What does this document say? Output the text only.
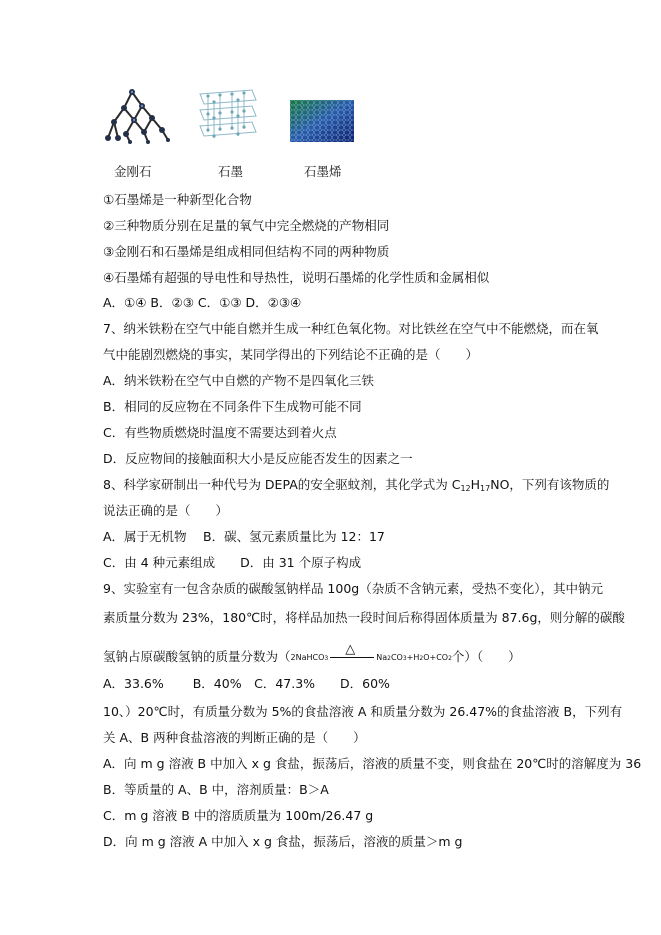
金刚石	石墨	石墨烯
①石墨烯是一种新型化合物
②三种物质分别在足量的氧气中完全燃烧的产物相同
③金刚石和石墨烯是组成相同但结构不同的两种物质
④石墨烯有超强的导电性和导热性，说明石墨烯的化学性质和金属相似
A．①④ B．②③ C．①③ D．②③④
7、纳米铁粉在空气中能自燃并生成一种红色氧化物。对比铁丝在空气中不能燃烧，而在氧
气中能剧烈燃烧的事实，某同学得出的下列结论不正确的是（　　）
A．纳米铁粉在空气中自燃的产物不是四氧化三铁
B．相同的反应物在不同条件下生成物可能不同
C．有些物质燃烧时温度不需要达到着火点
D．反应物间的接触面积大小是反应能否发生的因素之一
8、科学家研制出一种代号为 DEPA的安全驱蚊剂，其化学式为 $C_{12}H_{17}NO$，下列有该物质的
说法正确的是（　　）
A．属于无机物　 B．碳、氢元素质量比为 12：17
C．由 4 种元素组成　　D．由 31 个原子构成
9、实验室有一包含杂质的碳酸氢钠样品 100g（杂质不含钠元素，受热不变化），其中钠元
素质量分数为 23%，180℃时，将样品加热一段时间后称得固体质量为 87.6g，则分解的碳酸
氢钠占原碳酸氢钠的质量分数为（2NaHCO3
△
Na2CO3+H2O+CO2个）（　　）
A．33.6%　　 B．40%　C．47.3%　　D．60%
10、）20℃时，有质量分数为 5%的食盐溶液 A 和质量分数为 26.47%的食盐溶液 B，下列有
关 A、B 两种食盐溶液的判断正确的是（　　）
A．向 m g 溶液 B 中加入 x g 食盐，振荡后，溶液的质量不变，则食盐在 20℃时的溶解度为 36
B．等质量的 A、B 中，溶剂质量：B＞A
C．m g 溶液 B 中的溶质质量为 100m/26.47 g
D．向 m g 溶液 A 中加入 x g 食盐，振荡后，溶液的质量＞m g
